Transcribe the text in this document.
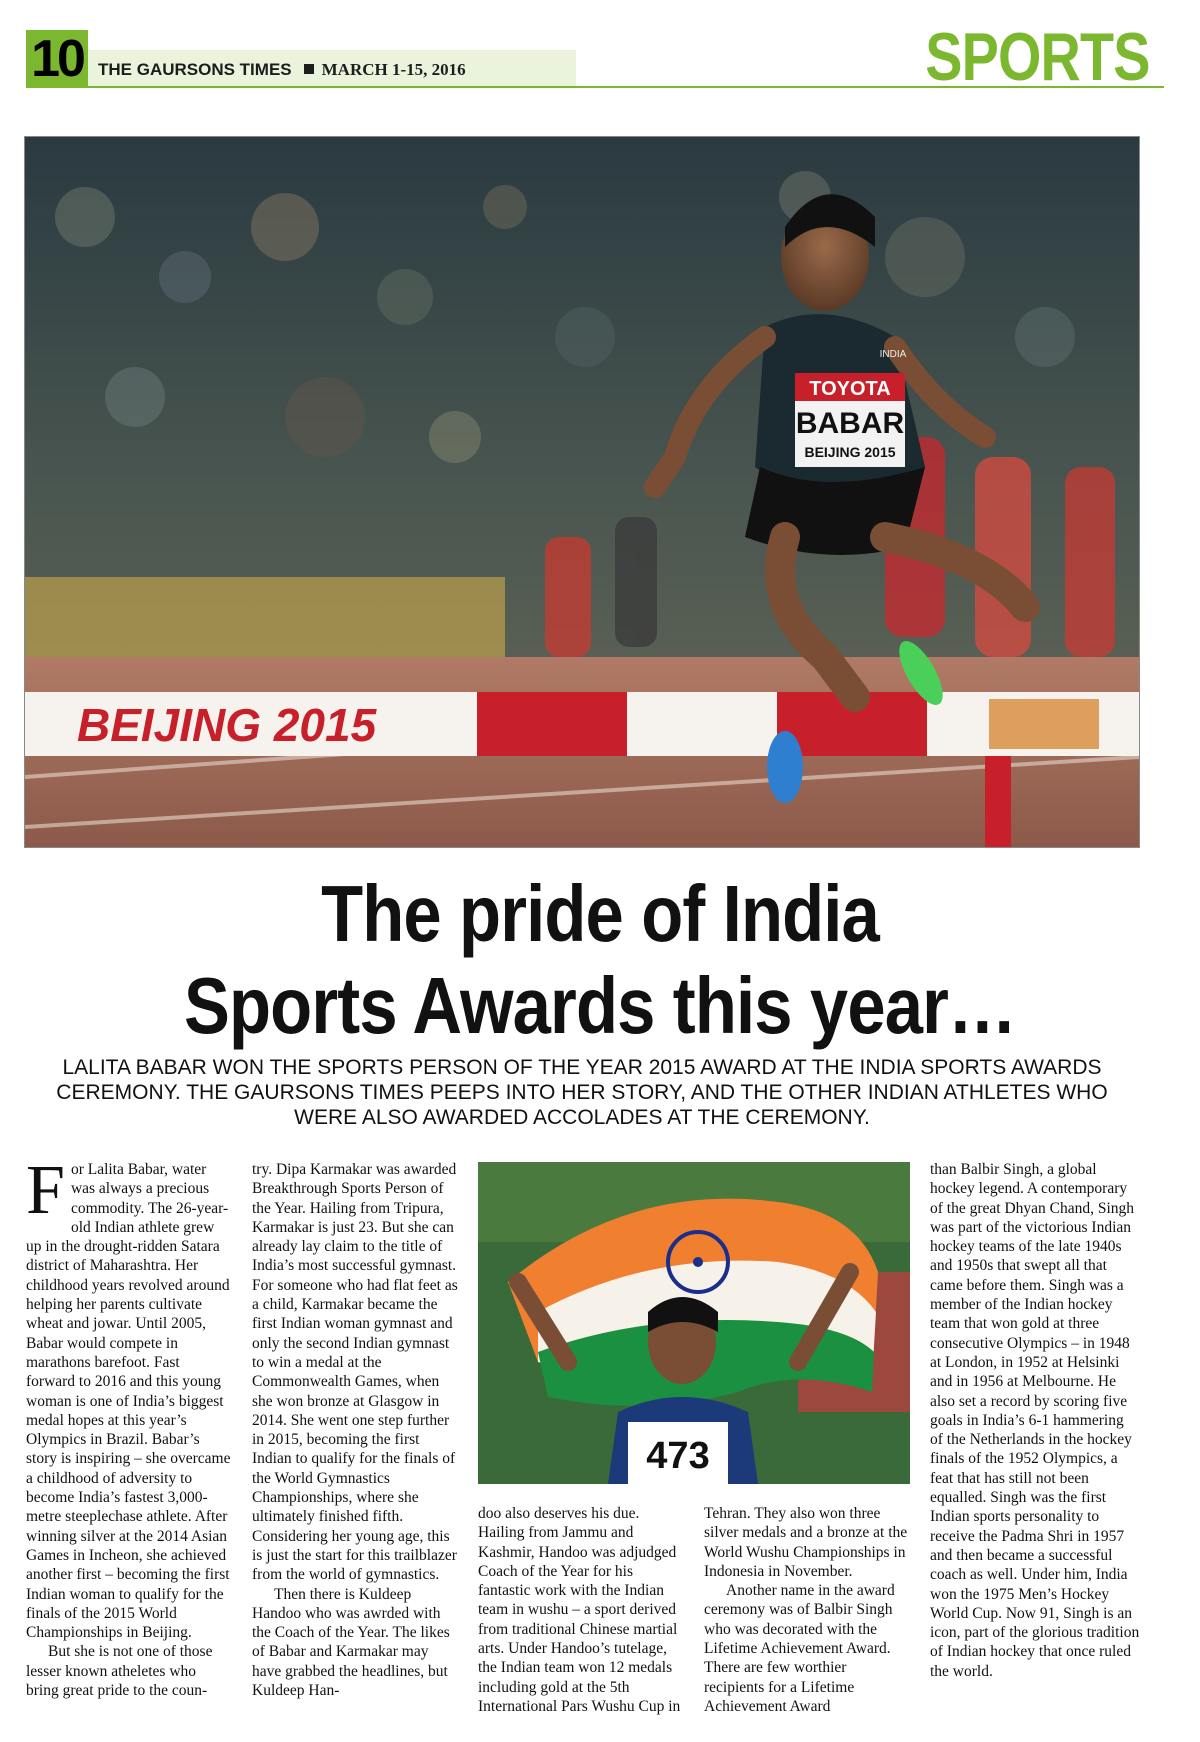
10 THE GAURSONS TIMES MARCH 1-15, 2016	SPORTS
BEIJING 2015
TOYOTA
BABAR
BEIJING 2015
INDIA
The pride of India
Sports Awards this year…
LALITA BABAR WON THE SPORTS PERSON OF THE YEAR 2015 AWARD AT THE INDIA SPORTS AWARDS CEREMONY. THE GAURSONS TIMES PEEPS INTO HER STORY, AND THE OTHER INDIAN ATHLETES WHO WERE ALSO AWARDED ACCOLADES AT THE CEREMONY.

For Lalita Babar, water was always a precious commodity. The 26-year-old Indian athlete grew up in the drought-ridden Satara district of Maharashtra. Her childhood years revolved around helping her parents cultivate wheat and jowar. Until 2005, Babar would compete in marathons barefoot. Fast forward to 2016 and this young woman is one of India’s biggest medal hopes at this year’s Olympics in Brazil. Babar’s story is inspiring – she overcame a childhood of adversity to become India’s fastest 3,000-metre steeplechase athlete. After winning silver at the 2014 Asian Games in Incheon, she achieved another first – becoming the first Indian woman to qualify for the finals of the 2015 World Championships in Beijing.

But she is not one of those lesser known atheletes who bring great pride to the coun-

try. Dipa Karmakar was awarded Breakthrough Sports Person of the Year. Hailing from Tripura, Karmakar is just 23. But she can already lay claim to the title of India’s most successful gymnast. For someone who had flat feet as a child, Karmakar became the first Indian woman gymnast and only the second Indian gymnast to win a medal at the Commonwealth Games, when she won bronze at Glasgow in 2014. She went one step further in 2015, becoming the first Indian to qualify for the finals of the World Gymnastics Championships, where she ultimately finished fifth. Considering her young age, this is just the start for this trailblazer from the world of gymnastics.

Then there is Kuldeep Handoo who was awrded with the Coach of the Year. The likes of Babar and Karmakar may have grabbed the headlines, but Kuldeep Han-

473

doo also deserves his due. Hailing from Jammu and Kashmir, Handoo was adjudged Coach of the Year for his fantastic work with the Indian team in wushu – a sport derived from traditional Chinese martial arts. Under Handoo’s tutelage, the Indian team won 12 medals including gold at the 5th International Pars Wushu Cup in

Tehran. They also won three silver medals and a bronze at the World Wushu Championships in Indonesia in November.

Another name in the award ceremony was of Balbir Singh who was decorated with the Lifetime Achievement Award. There are few worthier recipients for a Lifetime Achievement Award

than Balbir Singh, a global hockey legend. A contemporary of the great Dhyan Chand, Singh was part of the victorious Indian hockey teams of the late 1940s and 1950s that swept all that came before them. Singh was a member of the Indian hockey team that won gold at three consecutive Olympics – in 1948 at London, in 1952 at Helsinki and in 1956 at Melbourne. He also set a record by scoring five goals in India’s 6-1 hammering of the Netherlands in the hockey finals of the 1952 Olympics, a feat that has still not been equalled. Singh was the first Indian sports personality to receive the Padma Shri in 1957 and then became a successful coach as well. Under him, India won the 1975 Men’s Hockey World Cup. Now 91, Singh is an icon, part of the glorious tradition of Indian hockey that once ruled the world.
